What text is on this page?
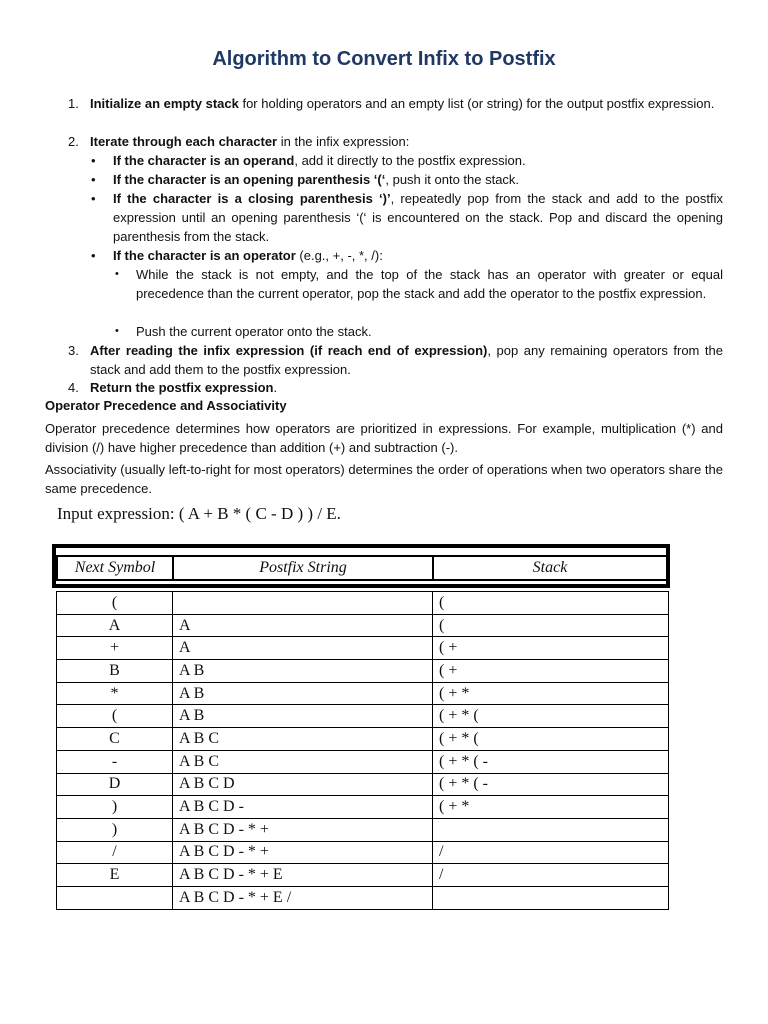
Algorithm to Convert Infix to Postfix
1. Initialize an empty stack for holding operators and an empty list (or string) for the output postfix expression.
2. Iterate through each character in the infix expression:
• If the character is an operand, add it directly to the postfix expression.
• If the character is an opening parenthesis ‘(‘, push it onto the stack.
• If the character is a closing parenthesis ‘)’, repeatedly pop from the stack and add to the postfix expression until an opening parenthesis ‘(‘ is encountered on the stack. Pop and discard the opening parenthesis from the stack.
• If the character is an operator (e.g., +, -, *, /):
• While the stack is not empty, and the top of the stack has an operator with greater or equal precedence than the current operator, pop the stack and add the operator to the postfix expression.
• Push the current operator onto the stack.
3. After reading the infix expression (if reach end of expression), pop any remaining operators from the stack and add them to the postfix expression.
4. Return the postfix expression.
Operator Precedence and Associativity
Operator precedence determines how operators are prioritized in expressions. For example, multiplication (*) and division (/) have higher precedence than addition (+) and subtraction (-).
Associativity (usually left-to-right for most operators) determines the order of operations when two operators share the same precedence.
Input expression: ( A + B * ( C - D ) ) / E.
Next Symbol	Postfix String	Stack
(		(
A	A	(
+	A	( +
B	A B	( +
*	A B	( + *
(	A B	( + * (
C	A B C	( + * (
-	A B C	( + * ( -
D	A B C D	( + * ( -
)	A B C D -	( + *
)	A B C D - * +	
/	A B C D - * +	/
E	A B C D - * + E	/
	A B C D - * + E /	
